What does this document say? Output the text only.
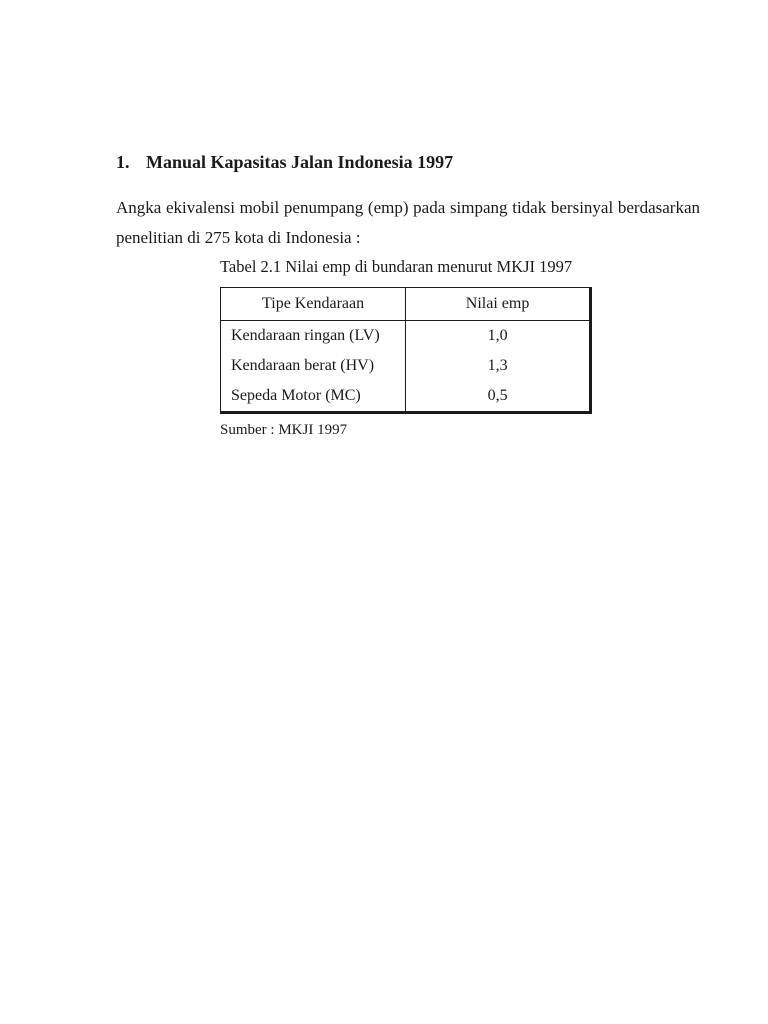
1. Manual Kapasitas Jalan Indonesia 1997

Angka ekivalensi mobil penumpang (emp) pada simpang tidak bersinyal berdasarkan penelitian di 275 kota di Indonesia :

Tabel 2.1 Nilai emp di bundaran menurut MKJI 1997

Tipe Kendaraan	Nilai emp
Kendaraan ringan (LV)	1,0
Kendaraan berat (HV)	1,3
Sepeda Motor (MC)	0,5

Sumber : MKJI 1997
